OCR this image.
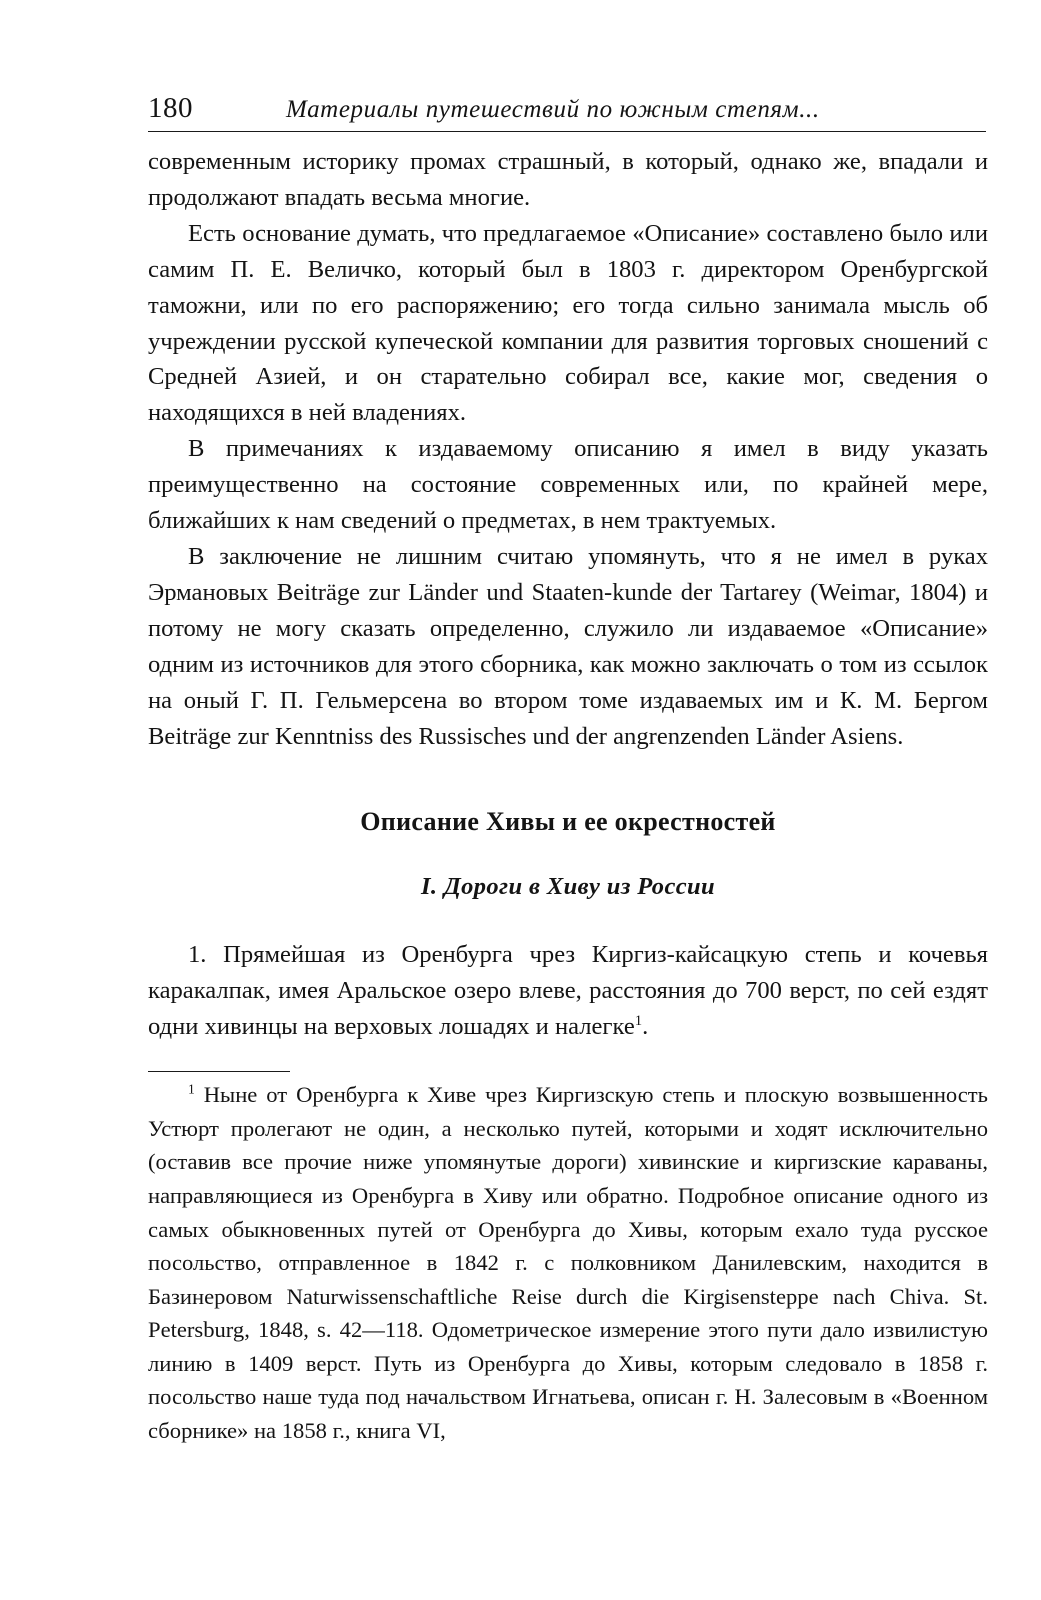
180	Материалы путешествий по южным степям...

современным историку промах страшный, в который, однако же, впадали и продолжают впадать весьма многие.

Есть основание думать, что предлагаемое «Описание» составлено было или самим П. Е. Величко, который был в 1803 г. директором Оренбургской таможни, или по его распоряжению; его тогда сильно занимала мысль об учреждении русской купеческой компании для развития торговых сношений с Средней Азией, и он старательно собирал все, какие мог, сведения о находящихся в ней владениях.

В примечаниях к издаваемому описанию я имел в виду указать преимущественно на состояние современных или, по крайней мере, ближайших к нам сведений о предметах, в нем трактуемых.

В заключение не лишним считаю упомянуть, что я не имел в руках Эрмановых Beiträge zur Länder und Staaten-kunde der Tartarey (Weimar, 1804) и потому не могу сказать определенно, служило ли издаваемое «Описание» одним из источников для этого сборника, как можно заключать о том из ссылок на оный Г. П. Гельмерсена во втором томе издаваемых им и К. М. Бергом Beiträge zur Kenntniss des Russisches und der angrenzenden Länder Asiens.

Описание Хивы и ее окрестностей
I. Дороги в Хиву из России

1. Прямейшая из Оренбурга чрез Киргиз-кайсацкую степь и кочевья каракалпак, имея Аральское озеро влеве, расстояния до 700 верст, по сей ездят одни хивинцы на верховых лошадях и налегке$^1$.

$^1$ Ныне от Оренбурга к Хиве чрез Киргизскую степь и плоскую возвышенность Устюрт пролегают не один, а несколько путей, которыми и ходят исключительно (оставив все прочие ниже упомянутые дороги) хивинские и киргизские караваны, направляющиеся из Оренбурга в Хиву или обратно. Подробное описание одного из самых обыкновенных путей от Оренбурга до Хивы, которым ехало туда русское посольство, отправленное в 1842 г. с полковником Данилевским, находится в Базинеровом Naturwissenschaftliche Reise durch die Kirgisensteppe nach Chiva. St. Petersburg, 1848, s. 42—118. Одометрическое измерение этого пути дало извилистую линию в 1409 верст. Путь из Оренбурга до Хивы, которым следовало в 1858 г. посольство наше туда под начальством Игнатьева, описан г. Н. Залесовым в «Военном сборнике» на 1858 г., книга VI,
